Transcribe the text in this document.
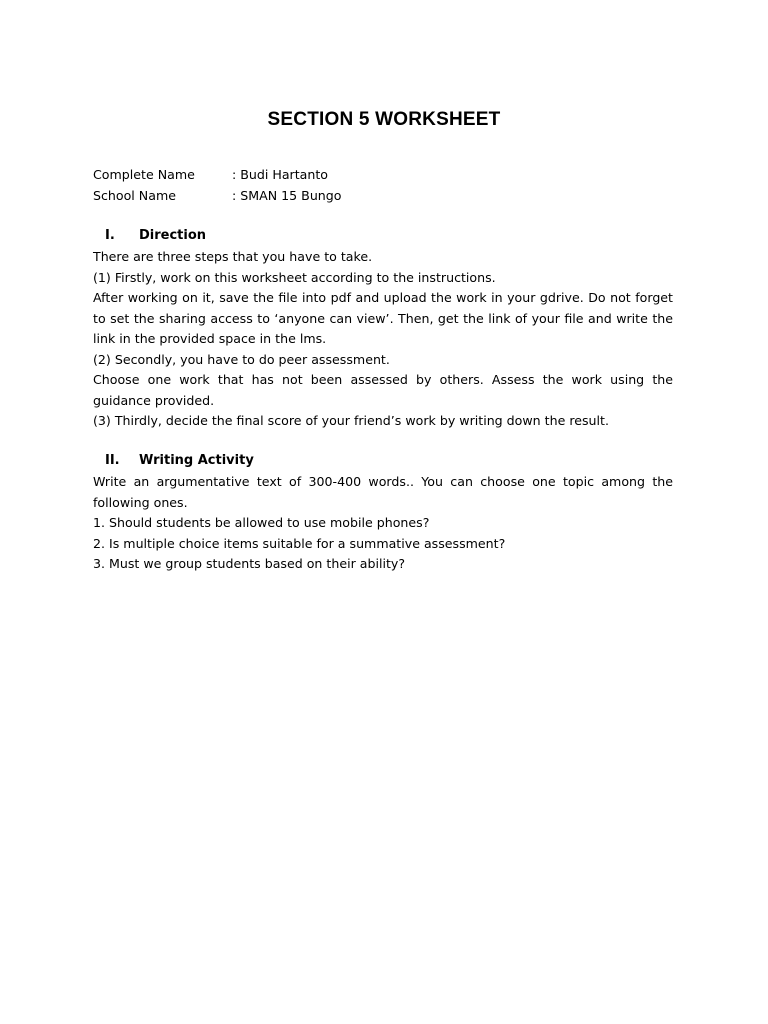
SECTION 5 WORKSHEET
Complete Name	: Budi Hartanto
School Name	: SMAN 15 Bungo
I.	Direction

There are three steps that you have to take.

(1) Firstly, work on this worksheet according to the instructions.

After working on it, save the file into pdf and upload the work in your gdrive. Do not forget to set the sharing access to ‘anyone can view’. Then, get the link of your file and write the link in the provided space in the lms.

(2) Secondly, you have to do peer assessment.

Choose one work that has not been assessed by others. Assess the work using the guidance provided.

(3) Thirdly, decide the final score of your friend’s work by writing down the result.

II.	Writing Activity

Write an argumentative text of 300-400 words.. You can choose one topic among the following ones.

1. Should students be allowed to use mobile phones?

2. Is multiple choice items suitable for a summative assessment?

3. Must we group students based on their ability?
